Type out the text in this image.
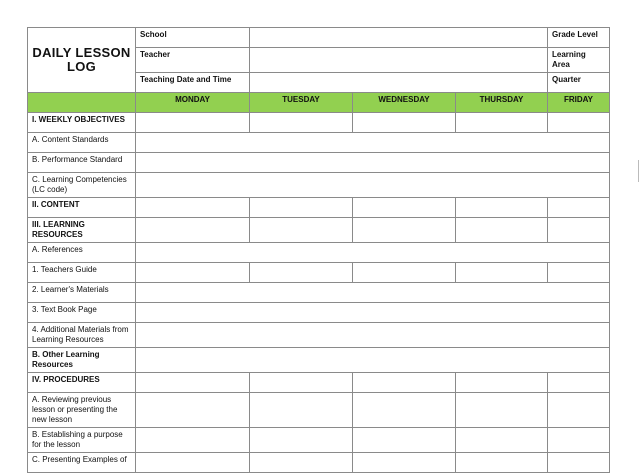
DAILY LESSON LOG	School				Grade Level	
	Teacher				Learning Area	
	Teaching Date and Time				Quarter	
	MONDAY	TUESDAY	WEDNESDAY	THURSDAY	FRIDAY	
I. WEEKLY OBJECTIVES						
A. Content Standards						
B. Performance Standard						
C. Learning Competencies (LC code)						
II. CONTENT						
III. LEARNING RESOURCES						
A. References						
1. Teachers Guide						
2. Learner's Materials						
3. Text Book Page						
4. Additional Materials from Learning Resources						
B. Other Learning Resources						
IV. PROCEDURES						
A. Reviewing previous lesson or presenting the new lesson						
B. Establishing a purpose for the lesson						
C. Presenting Examples of						
